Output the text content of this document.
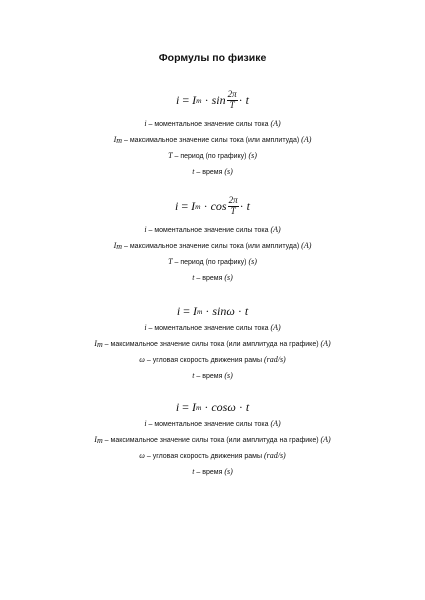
Формулы по физике
i
=
I m
·
$\sin \frac{2\pi}{T}$ ·
t
i – моментальное значение силы тока (A)
$I_m$ – максимальное значение силы тока (или амплитуда) (A)
T – период (по графику) (s)
t – время (s)
i
=
I m
·
$\cos \frac{2\pi}{T}$ ·
t
i – моментальное значение силы тока (A)
$I_m$ – максимальное значение силы тока (или амплитуда) (A)
T – период (по графику) (s)
t – время (s)
i
=
I m
·
sinω
·
t
i – моментальное значение силы тока (A)
$I_m$ – максимальное значение силы тока (или амплитуда на графике) (A)
ω – угловая скорость движения рамы (rad/s)
t – время (s)
i
=
I m
·
cosω
·
t
i – моментальное значение силы тока (A)
$I_m$ – максимальное значение силы тока (или амплитуда на графике) (A)
ω – угловая скорость движения рамы (rad/s)
t – время (s)
